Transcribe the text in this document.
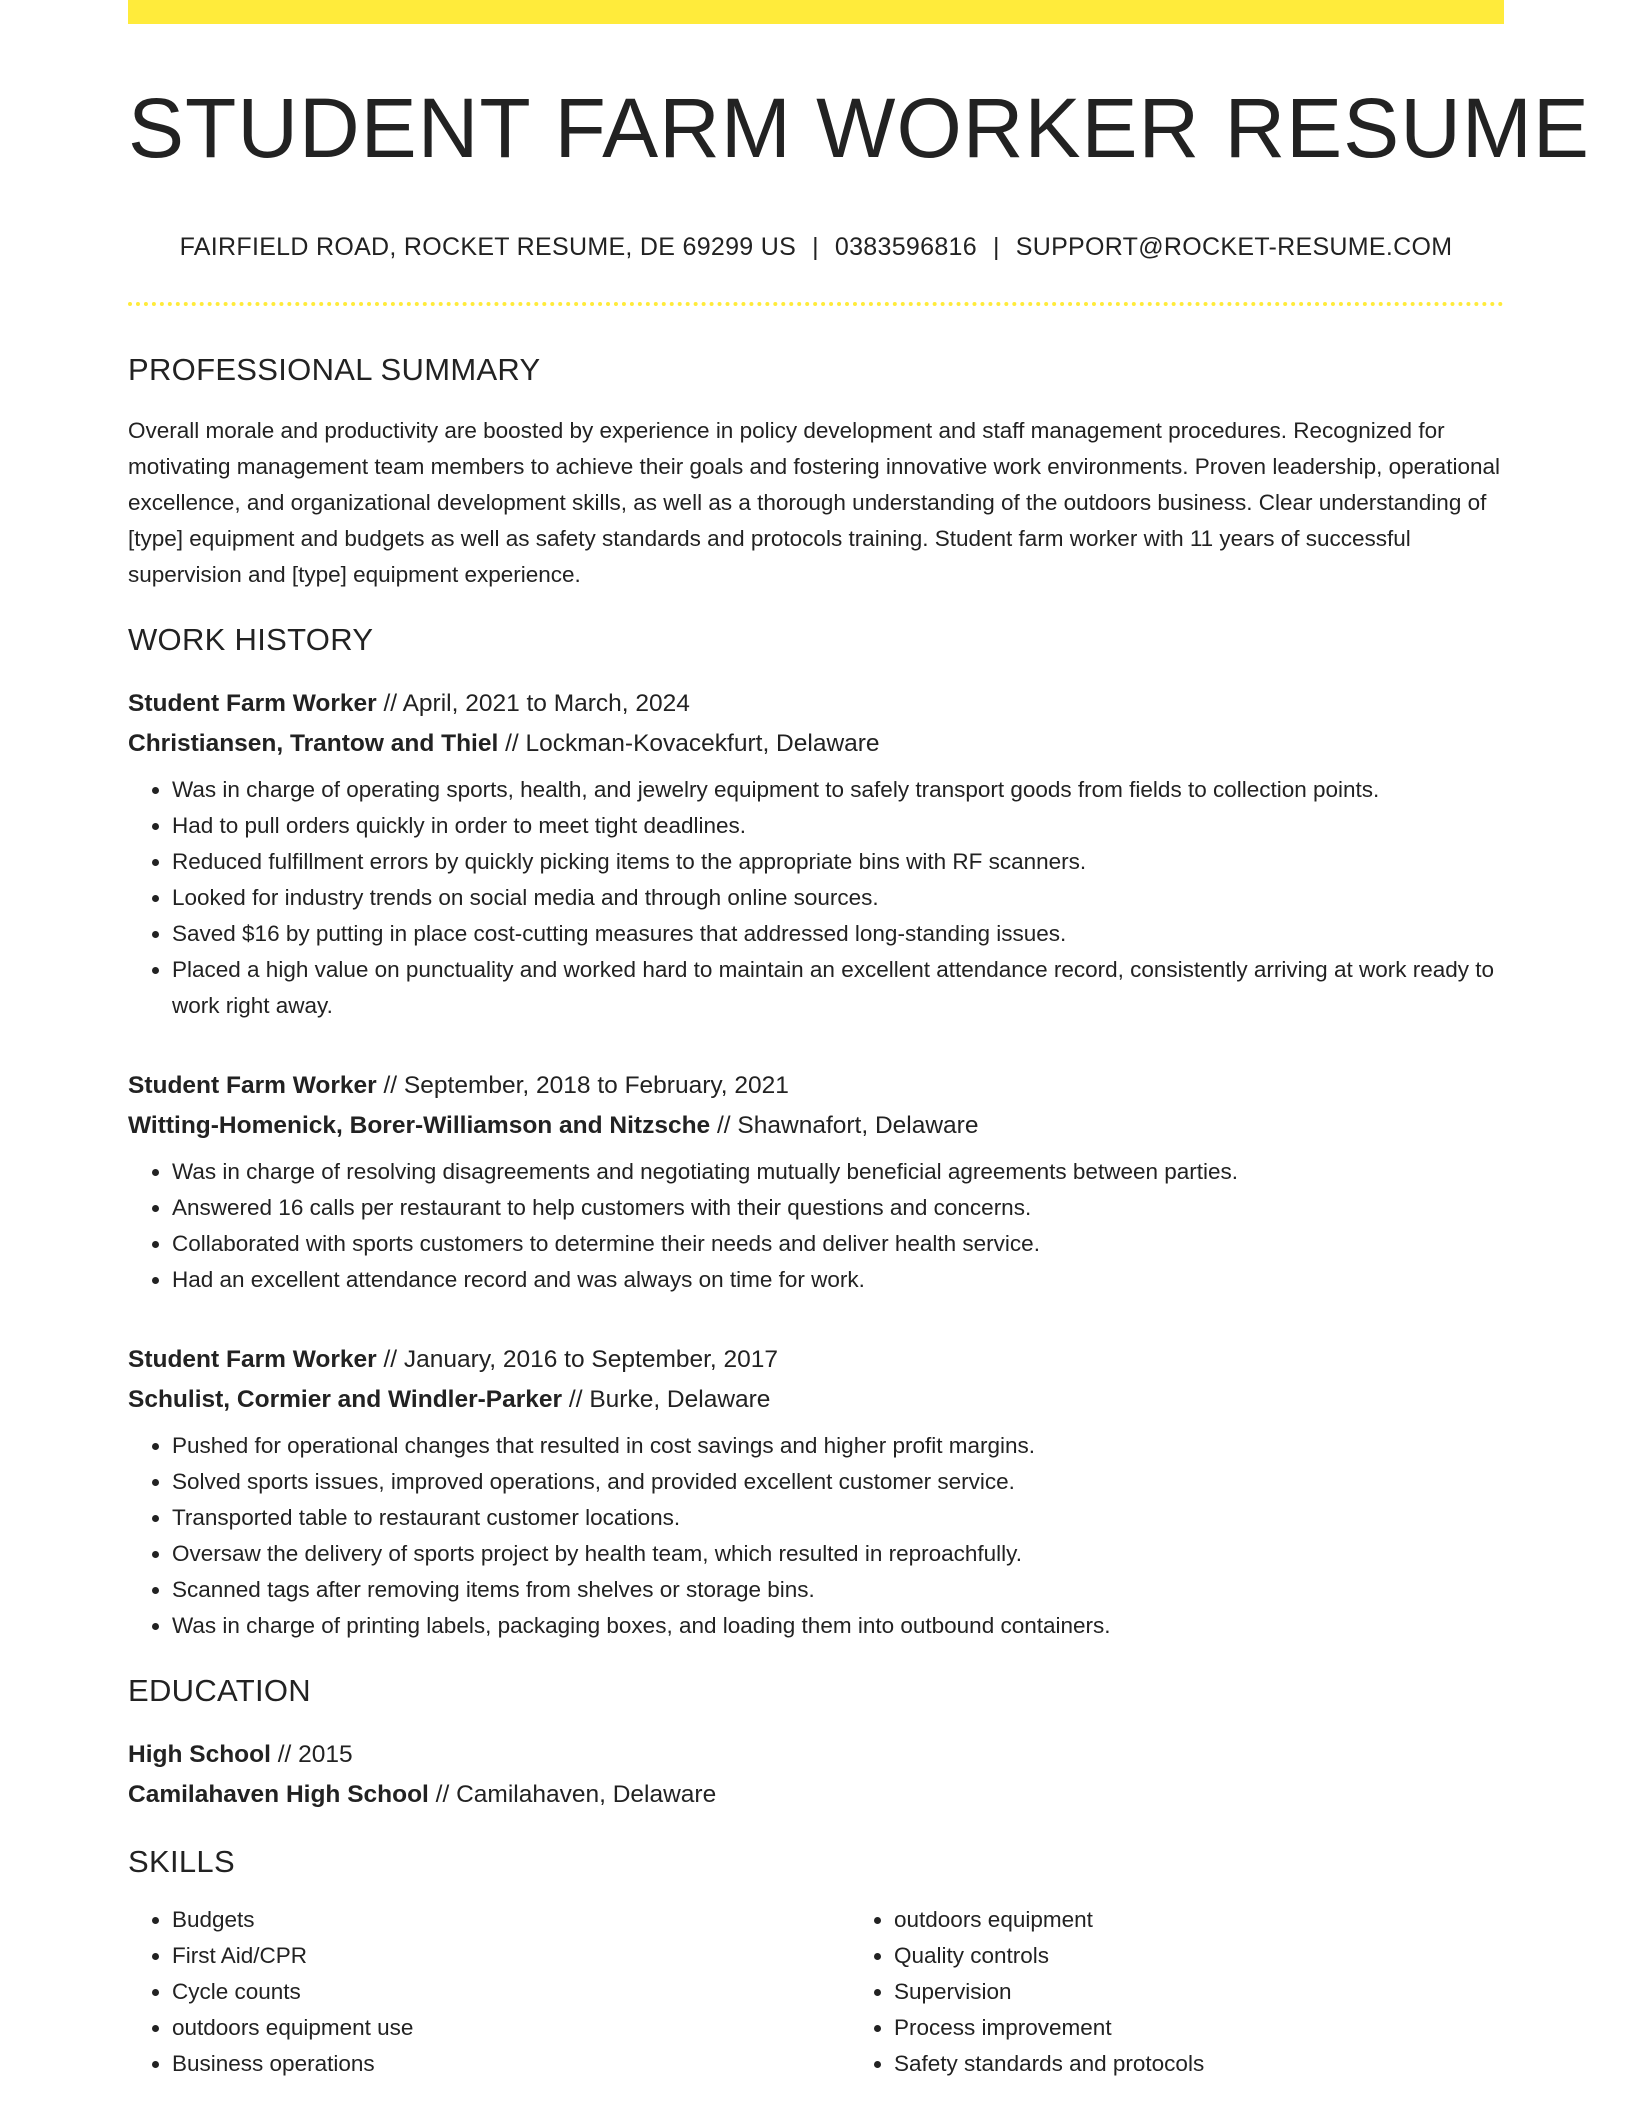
STUDENT FARM WORKER RESUME
FAIRFIELD ROAD, ROCKET RESUME, DE 69299 US | 0383596816 | SUPPORT@ROCKET-RESUME.COM
PROFESSIONAL SUMMARY

Overall morale and productivity are boosted by experience in policy development and staff management procedures. Recognized for motivating management team members to achieve their goals and fostering innovative work environments. Proven leadership, operational excellence, and organizational development skills, as well as a thorough understanding of the outdoors business. Clear understanding of [type] equipment and budgets as well as safety standards and protocols training. Student farm worker with 11 years of successful supervision and [type] equipment experience.

WORK HISTORY
Student Farm Worker // April, 2021 to March, 2024
Christiansen, Trantow and Thiel // Lockman-Kovacekfurt, Delaware
• Was in charge of operating sports, health, and jewelry equipment to safely transport goods from fields to collection points.
• Had to pull orders quickly in order to meet tight deadlines.
• Reduced fulfillment errors by quickly picking items to the appropriate bins with RF scanners.
• Looked for industry trends on social media and through online sources.
• Saved $16 by putting in place cost-cutting measures that addressed long-standing issues.
• Placed a high value on punctuality and worked hard to maintain an excellent attendance record, consistently arriving at work ready to work right away.
Student Farm Worker // September, 2018 to February, 2021
Witting-Homenick, Borer-Williamson and Nitzsche // Shawnafort, Delaware
• Was in charge of resolving disagreements and negotiating mutually beneficial agreements between parties.
• Answered 16 calls per restaurant to help customers with their questions and concerns.
• Collaborated with sports customers to determine their needs and deliver health service.
• Had an excellent attendance record and was always on time for work.
Student Farm Worker // January, 2016 to September, 2017
Schulist, Cormier and Windler-Parker // Burke, Delaware
• Pushed for operational changes that resulted in cost savings and higher profit margins.
• Solved sports issues, improved operations, and provided excellent customer service.
• Transported table to restaurant customer locations.
• Oversaw the delivery of sports project by health team, which resulted in reproachfully.
• Scanned tags after removing items from shelves or storage bins.
• Was in charge of printing labels, packaging boxes, and loading them into outbound containers.
EDUCATION
High School // 2015
Camilahaven High School // Camilahaven, Delaware
SKILLS
• Budgets
• First Aid/CPR
• Cycle counts
• outdoors equipment use
• Business operations
• outdoors equipment
• Quality controls
• Supervision
• Process improvement
• Safety standards and protocols
